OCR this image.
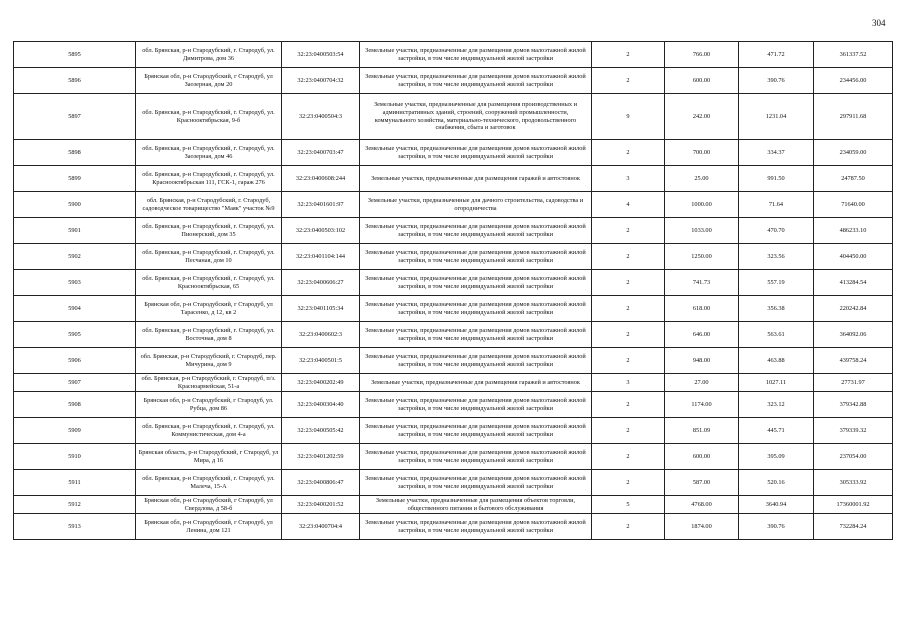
304
5895	обл. Брянская, р-н Стародубский, г. Стародуб, ул. Димитрова, дом 36	32:23:0400503:54	Земельные участки, предназначенные для размещения домов малоэтажной жилой застройки, в том числе индивидуальной жилой застройки	2	766.00	471.72	361337.52
5896	Брянская обл, р-н Стародубский, г Стародуб, ул Заозерная, дом 20	32:23:0400704:32	Земельные участки, предназначенные для размещения домов малоэтажной жилой застройки, в том числе индивидуальной жилой застройки	2	600.00	390.76	234456.00
5897	обл. Брянская, р-н Стародубский, г. Стародуб, ул. Красноoктябрьская, 9-б	32:23:0400504:3	Земельные участки, предназначенные для размещения производственных и административных зданий, строений, сооружений промышленности, коммунального хозяйства, материально-технического, продовольственного снабжения, сбыта и заготовок	9	242.00	1231.04	297911.68
5898	обл. Брянская, р-н Стародубский, г. Стародуб, ул. Заозерная, дом 46	32:23:0400703:47	Земельные участки, предназначенные для размещения домов малоэтажной жилой застройки, в том числе индивидуальной жилой застройки	2	700.00	334.37	234059.00
5899	обл. Брянская, р-н Стародубский, г. Стародуб, ул. Красноoктябрьская 111, ГСК-1, гараж 276	32:23:0400608:244	Земельные участки, предназначенные для размещения гаражей и автостоянок	3	25.00	991.50	24787.50
5900	обл. Брянская, р-н Стародубский, г. Стародуб, садоводческое товарищество "Маяк" участок №9	32:23:0401601:97	Земельные участки, предназначенные для дачного строительства, садоводства и огородничества	4	1000.00	71.64	71640.00
5901	обл. Брянская, р-н Стародубский, г. Стародуб, ул. Пионерский, дом 35	32:23:0400503:102	Земельные участки, предназначенные для размещения домов малоэтажной жилой застройки, в том числе индивидуальной жилой застройки	2	1033.00	470.70	486233.10
5902	обл. Брянская, р-н Стародубский, г. Стародуб, ул. Песчаная, дом 10	32:23:0401104:144	Земельные участки, предназначенные для размещения домов малоэтажной жилой застройки, в том числе индивидуальной жилой застройки	2	1250.00	323.56	404450.00
5903	обл. Брянская, р-н Стародубский, г. Стародуб, ул. Красноoктябрьская, 65	32:23:0400606:27	Земельные участки, предназначенные для размещения домов малоэтажной жилой застройки, в том числе индивидуальной жилой застройки	2	741.73	557.19	413284.54
5904	Брянская обл, р-н Стародубский, г Стародуб, ул Тарасенко, д 12, кв 2	32:23:0401105:34	Земельные участки, предназначенные для размещения домов малоэтажной жилой застройки, в том числе индивидуальной жилой застройки	2	618.00	356.38	220242.84
5905	обл. Брянская, р-н Стародубский, г. Стародуб, ул. Восточная, дом 8	32:23:0400602:3	Земельные участки, предназначенные для размещения домов малоэтажной жилой застройки, в том числе индивидуальной жилой застройки	2	646.00	563.61	364092.06
5906	обл. Брянская, р-н Стародубский, г. Стародуб, пер. Мичурина, дом 9	32:23:0400501:5	Земельные участки, предназначенные для размещения домов малоэтажной жилой застройки, в том числе индивидуальной жилой застройки	2	948.00	463.88	439758.24
5907	обл. Брянская, р-н Стародубский, г. Стародуб, п/з. Красноармейская, 51-а	32:23:0400202:49	Земельные участки, предназначенные для размещения гаражей и автостоянок	3	27.00	1027.11	27731.97
5908	Брянская обл, р-н Стародубский, г Стародуб, ул. Рубца, дом 86	32:23:0400304:40	Земельные участки, предназначенные для размещения домов малоэтажной жилой застройки, в том числе индивидуальной жилой застройки	2	1174.00	323.12	379342.88
5909	обл. Брянская, р-н Стародубский, г. Стародуб, ул. Коммунистическая, дом 4-а	32:23:0400505:42	Земельные участки, предназначенные для размещения домов малоэтажной жилой застройки, в том числе индивидуальной жилой застройки	2	851.09	445.71	379339.32
5910	Брянская область, р-н Стародубский, г Стародуб, ул Мира, д 16	32:23:0401202:59	Земельные участки, предназначенные для размещения домов малоэтажной жилой застройки, в том числе индивидуальной жилой застройки	2	600.00	395.09	237054.00
5911	обл. Брянская, р-н Стародубский, г. Стародуб, ул. Малеча, 15-А	32:23:0400806:47	Земельные участки, предназначенные для размещения домов малоэтажной жилой застройки, в том числе индивидуальной жилой застройки	2	587.00	520.16	305333.92
5912	Брянская обл, р-н Стародубский, г Стародуб, ул Свердлова, д 58-б	32:23:0400201:52	Земельные участки, предназначенные для размещения объектов торговли, общественного питания и бытового обслуживания	5	4768.00	3640.94	17360001.92
5913	Брянская обл, р-н Стародубский, г Стародуб, ул Ленина, дом 121	32:23:0400704:4	Земельные участки, предназначенные для размещения домов малоэтажной жилой застройки, в том числе индивидуальной жилой застройки	2	1874.00	390.76	732284.24
